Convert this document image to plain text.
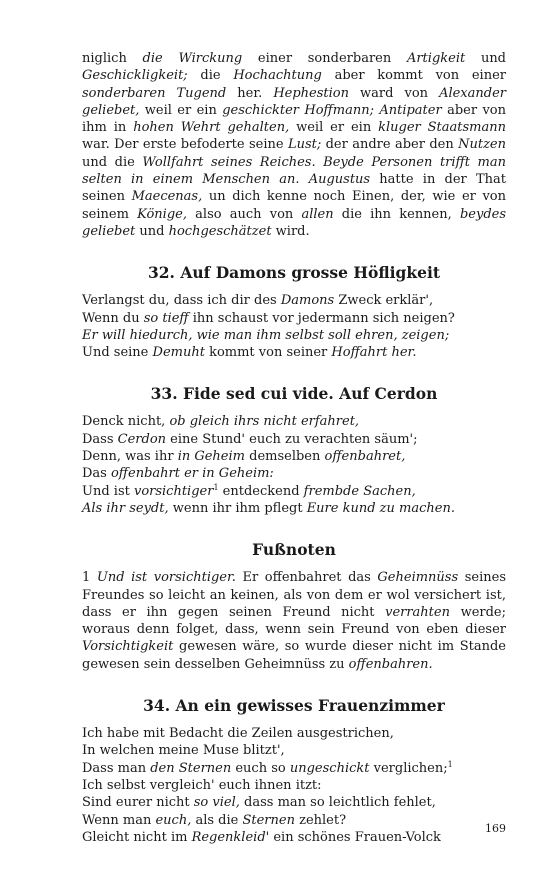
niglich die Wirckung einer sonderbaren Artigkeit und Geschickligkeit; die Hochachtung aber kommt von einer sonderbaren Tugend her. Hephestion ward von Alexander geliebet, weil er ein geschickter Hoffmann; Antipater aber von ihm in hohen Wehrt gehalten, weil er ein kluger Staatsmann war. Der erste befoderte seine Lust; der andre aber den Nutzen und die Wollfahrt seines Reiches. Beyde Personen trifft man selten in einem Menschen an. Augustus hatte in der That seinen Maecenas, un dich kenne noch Einen, der, wie er von seinem Könige, also auch von allen die ihn kennen, beydes geliebet und hochgeschätzet wird.

32. Auf Damons grosse Höfligkeit
Verlangst du, dass ich dir des Damons Zweck erklär',
Wenn du so tieff ihn schaust vor jedermann sich neigen?
Er will hiedurch, wie man ihm selbst soll ehren, zeigen;
Und seine Demuht kommt von seiner Hoffahrt her.
33. Fide sed cui vide. Auf Cerdon
Denck nicht, ob gleich ihrs nicht erfahret,
Dass Cerdon eine Stund' euch zu verachten säum';
Denn, was ihr in Geheim demselben offenbahret,
Das offenbahrt er in Geheim:
Und ist vorsichtiger$^1$ entdeckend frembde Sachen,
Als ihr seydt, wenn ihr ihm pflegt Eure kund zu machen.
Fußnoten

1 Und ist vorsichtiger. Er offenbahret das Geheimnüss seines Freundes so leicht an keinen, als von dem er wol versichert ist, dass er ihn gegen seinen Freund nicht verrahten werde; woraus denn folget, dass, wenn sein Freund von eben dieser Vorsichtigkeit gewesen wäre, so wurde dieser nicht im Stande gewesen sein desselben Geheimnüss zu offenbahren.

34. An ein gewisses Frauenzimmer
Ich habe mit Bedacht die Zeilen ausgestrichen,
In welchen meine Muse blitzt',
Dass man den Sternen euch so ungeschickt verglichen;$^1$
Ich selbst vergleich' euch ihnen itzt:
Sind eurer nicht so viel, dass man so leichtlich fehlet,
Wenn man euch, als die Sternen zehlet?
Gleicht nicht im Regenkleid' ein schönes Frauen-Volck
169
